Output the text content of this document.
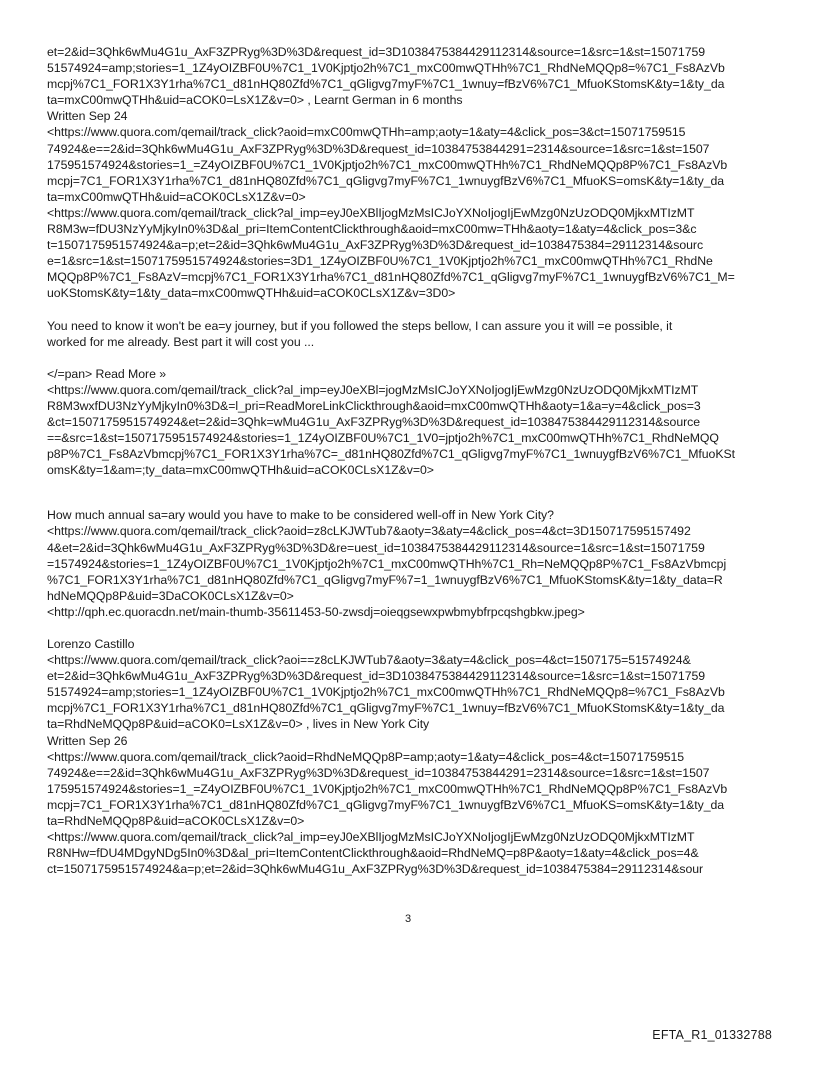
et=2&id=3Qhk6wMu4G1u_AxF3ZPRyg%3D%3D&request_id=3D1038475384429112314&source=1&src=1&st=15071759
51574924=amp;stories=1_1Z4yOIZBF0U%7C1_1V0Kjptjo2h%7C1_mxC00mwQTHh%7C1_RhdNeMQQp8=%7C1_Fs8AzVb
mcpj%7C1_FOR1X3Y1rha%7C1_d81nHQ80Zfd%7C1_qGligvg7myF%7C1_1wnuy=fBzV6%7C1_MfuoKStomsK&ty=1&ty_da
ta=mxC00mwQTHh&uid=aCOK0=LsX1Z&v=0> , Learnt German in 6 months
Written Sep 24
<https://www.quora.com/qemail/track_click?aoid=mxC00mwQTHh=amp;aoty=1&aty=4&click_pos=3&ct=15071759515
74924&e==2&id=3Qhk6wMu4G1u_AxF3ZPRyg%3D%3D&request_id=10384753844291=2314&source=1&src=1&st=1507
175951574924&stories=1_=Z4yOIZBF0U%7C1_1V0Kjptjo2h%7C1_mxC00mwQTHh%7C1_RhdNeMQQp8P%7C1_Fs8AzVb
mcpj=7C1_FOR1X3Y1rha%7C1_d81nHQ80Zfd%7C1_qGligvg7myF%7C1_1wnuygfBzV6%7C1_MfuoKS=omsK&ty=1&ty_da
ta=mxC00mwQTHh&uid=aCOK0CLsX1Z&v=0>
<https://www.quora.com/qemail/track_click?al_imp=eyJ0eXBlIjogMzMsICJoYXNoIjogIjEwMzg0NzUzODQ0MjkxMTIzMT
R8M3w=fDU3NzYyMjkyIn0%3D&al_pri=ItemContentClickthrough&aoid=mxC00mw=THh&aoty=1&aty=4&click_pos=3&c
t=1507175951574924&a=p;et=2&id=3Qhk6wMu4G1u_AxF3ZPRyg%3D%3D&request_id=1038475384=29112314&sourc
e=1&src=1&st=1507175951574924&stories=3D1_1Z4yOIZBF0U%7C1_1V0Kjptjo2h%7C1_mxC00mwQTHh%7C1_RhdNe
MQQp8P%7C1_Fs8AzV=mcpj%7C1_FOR1X3Y1rha%7C1_d81nHQ80Zfd%7C1_qGligvg7myF%7C1_1wnuygfBzV6%7C1_M=
uoKStomsK&ty=1&ty_data=mxC00mwQTHh&uid=aCOK0CLsX1Z&v=3D0>
You need to know it won't be ea=y journey, but if you followed the steps bellow, I can assure you it will =e possible, it
worked for me already. Best part it will cost you ...
</=pan> Read More »
<https://www.quora.com/qemail/track_click?al_imp=eyJ0eXBl=jogMzMsICJoYXNoIjogIjEwMzg0NzUzODQ0MjkxMTIzMT
R8M3wxfDU3NzYyMjkyIn0%3D&=l_pri=ReadMoreLinkClickthrough&aoid=mxC00mwQTHh&aoty=1&a=y=4&click_pos=3
&ct=1507175951574924&et=2&id=3Qhk=wMu4G1u_AxF3ZPRyg%3D%3D&request_id=1038475384429112314&source
==&src=1&st=1507175951574924&stories=1_1Z4yOIZBF0U%7C1_1V0=jptjo2h%7C1_mxC00mwQTHh%7C1_RhdNeMQQ
p8P%7C1_Fs8AzVbmcpj%7C1_FOR1X3Y1rha%7C=_d81nHQ80Zfd%7C1_qGligvg7myF%7C1_1wnuygfBzV6%7C1_MfuoKSt
omsK&ty=1&am=;ty_data=mxC00mwQTHh&uid=aCOK0CLsX1Z&v=0>
How much annual sa=ary would you have to make to be considered well-off in New York City?
<https://www.quora.com/qemail/track_click?aoid=z8cLKJWTub7&aoty=3&aty=4&click_pos=4&ct=3D150717595157492
4&et=2&id=3Qhk6wMu4G1u_AxF3ZPRyg%3D%3D&re=uest_id=1038475384429112314&source=1&src=1&st=15071759
=1574924&stories=1_1Z4yOIZBF0U%7C1_1V0Kjptjo2h%7C1_mxC00mwQTHh%7C1_Rh=NeMQQp8P%7C1_Fs8AzVbmcpj
%7C1_FOR1X3Y1rha%7C1_d81nHQ80Zfd%7C1_qGligvg7myF%7=1_1wnuygfBzV6%7C1_MfuoKStomsK&ty=1&ty_data=R
hdNeMQQp8P&uid=3DaCOK0CLsX1Z&v=0>
<http://qph.ec.quoracdn.net/main-thumb-35611453-50-zwsdj=oieqgsewxpwbmybfrpcqshgbkw.jpeg>
Lorenzo Castillo
<https://www.quora.com/qemail/track_click?aoi==z8cLKJWTub7&aoty=3&aty=4&click_pos=4&ct=1507175=51574924&
et=2&id=3Qhk6wMu4G1u_AxF3ZPRyg%3D%3D&request_id=3D1038475384429112314&source=1&src=1&st=15071759
51574924=amp;stories=1_1Z4yOIZBF0U%7C1_1V0Kjptjo2h%7C1_mxC00mwQTHh%7C1_RhdNeMQQp8=%7C1_Fs8AzVb
mcpj%7C1_FOR1X3Y1rha%7C1_d81nHQ80Zfd%7C1_qGligvg7myF%7C1_1wnuy=fBzV6%7C1_MfuoKStomsK&ty=1&ty_da
ta=RhdNeMQQp8P&uid=aCOK0=LsX1Z&v=0> , lives in New York City
Written Sep 26
<https://www.quora.com/qemail/track_click?aoid=RhdNeMQQp8P=amp;aoty=1&aty=4&click_pos=4&ct=15071759515
74924&e==2&id=3Qhk6wMu4G1u_AxF3ZPRyg%3D%3D&request_id=10384753844291=2314&source=1&src=1&st=1507
175951574924&stories=1_=Z4yOIZBF0U%7C1_1V0Kjptjo2h%7C1_mxC00mwQTHh%7C1_RhdNeMQQp8P%7C1_Fs8AzVb
mcpj=7C1_FOR1X3Y1rha%7C1_d81nHQ80Zfd%7C1_qGligvg7myF%7C1_1wnuygfBzV6%7C1_MfuoKS=omsK&ty=1&ty_da
ta=RhdNeMQQp8P&uid=aCOK0CLsX1Z&v=0>
<https://www.quora.com/qemail/track_click?al_imp=eyJ0eXBlIjogMzMsICJoYXNoIjogIjEwMzg0NzUzODQ0MjkxMTIzMT
R8NHw=fDU4MDgyNDg5In0%3D&al_pri=ItemContentClickthrough&aoid=RhdNeMQ=p8P&aoty=1&aty=4&click_pos=4&
ct=1507175951574924&a=p;et=2&id=3Qhk6wMu4G1u_AxF3ZPRyg%3D%3D&request_id=1038475384=29112314&sour
3
EFTA_R1_01332788
